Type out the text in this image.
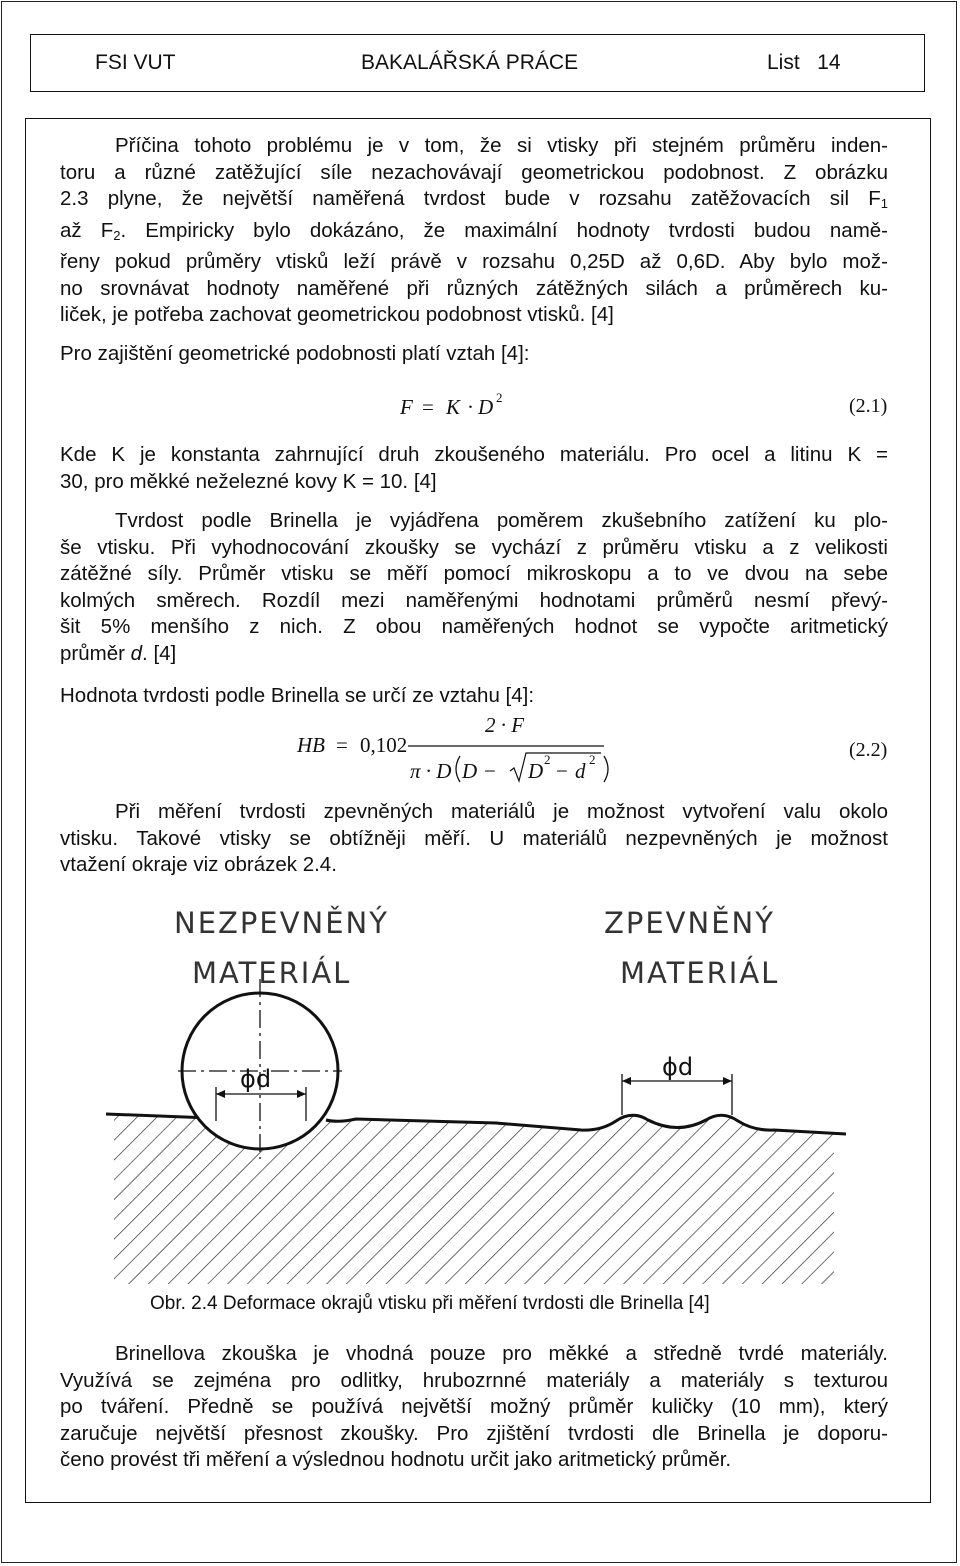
FSI VUT	BAKALÁŘSKÁ PRÁCE	List   14
Příčina tohoto problému je v tom, že si vtisky při stejném průměru inden-
toru a různé zatěžující síle nezachovávají geometrickou podobnost. Z obrázku
2.3 plyne, že největší naměřená tvrdost bude v rozsahu zatěžovacích sil $F_1$
až $F_2$. Empiricky bylo dokázáno, že maximální hodnoty tvrdosti budou namě-
řeny pokud průměry vtisků leží právě v rozsahu 0,25D až 0,6D. Aby bylo mož-
no srovnávat hodnoty naměřené při různých zátěžných silách a průměrech ku-
liček, je potřeba zachovat geometrickou podobnost vtisků. [4]
Pro zajištění geometrické podobnosti platí vztah [4]:
F = K · D 2	(2.1)
Kde K je konstanta zahrnující druh zkoušeného materiálu. Pro ocel a litinu K =
30, pro měkké neželezné kovy K = 10. [4]
Tvrdost podle Brinella je vyjádřena poměrem zkušebního zatížení ku plo-
še vtisku. Při vyhodnocování zkoušky se vychází z průměru vtisku a z velikosti
zátěžné síly. Průměr vtisku se měří pomocí mikroskopu a to ve dvou na sebe
kolmých směrech. Rozdíl mezi naměřenými hodnotami průměrů nesmí převý-
šit 5% menšího z nich. Z obou naměřených hodnot se vypočte aritmetický
průměr d. [4]
Hodnota tvrdosti podle Brinella se určí ze vztahu [4]:
HB = 0,102
2 · F
π · D D − D 2 − d 2	(2.2)
Při měření tvrdosti zpevněných materiálů je možnost vytvoření valu okolo
vtisku. Takové vtisky se obtížněji měří. U materiálů nezpevněných je možnost
vtažení okraje viz obrázek 2.4.
NEZPEVNĚNÝ
MATERIÁL
ZPEVNĚNÝ
MATERIÁL
ϕd	ϕd
Obr. 2.4 Deformace okrajů vtisku při měření tvrdosti dle Brinella [4]
Brinellova zkouška je vhodná pouze pro měkké a středně tvrdé materiály.
Využívá se zejména pro odlitky, hrubozrnné materiály a materiály s texturou
po tváření. Předně se používá největší možný průměr kuličky (10 mm), který
zaručuje největší přesnost zkoušky. Pro zjištění tvrdosti dle Brinella je doporu-
čeno provést tři měření a výslednou hodnotu určit jako aritmetický průměr.
